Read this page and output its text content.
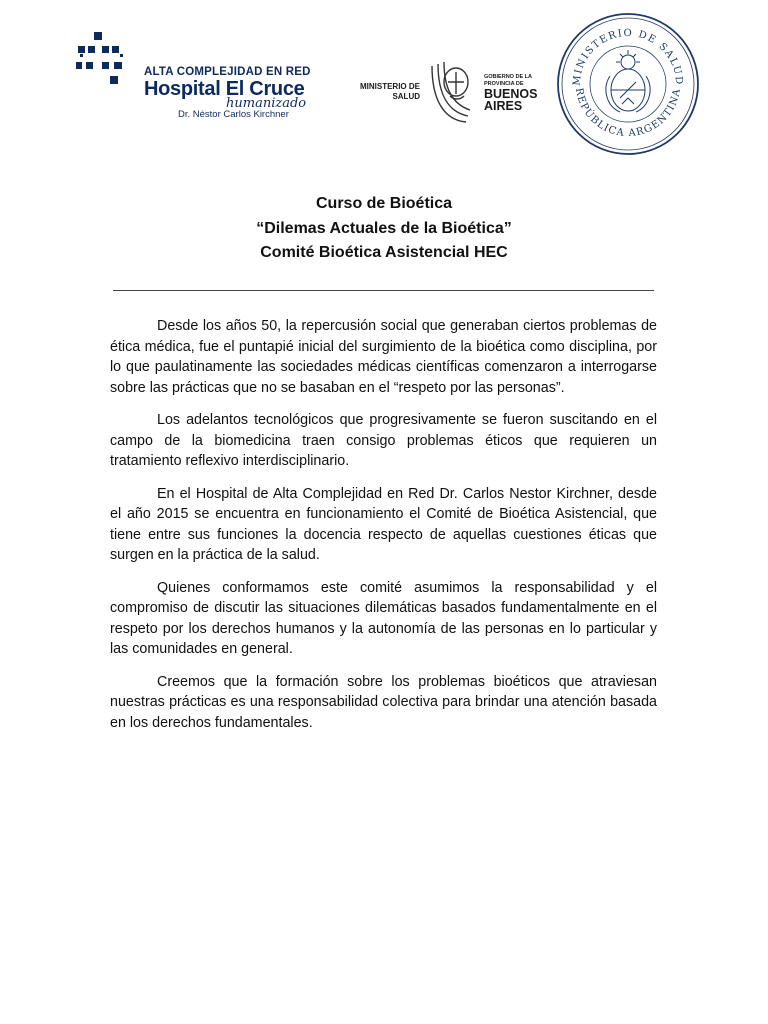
ALTA COMPLEJIDAD EN RED
Hospital El Cruce
humanizado
Dr. Néstor Carlos Kirchner
MINISTERIO DE
SALUD
GOBIERNO DE LA
PROVINCIA DE
BUENOS
AIRES
MINISTERIO DE SALUD
REPÚBLICA ARGENTINA
Curso de Bioética
“Dilemas Actuales de la Bioética”
Comité Bioética Asistencial HEC

Desde los años 50, la repercusión social que generaban ciertos problemas de ética médica, fue el puntapié inicial del surgimiento de la bioética como disciplina, por lo que paulatinamente las sociedades médicas científicas comenzaron a interrogarse sobre las prácticas que no se basaban en el “respeto por las personas”.

Los adelantos tecnológicos que progresivamente se fueron suscitando en el campo de la biomedicina traen consigo problemas éticos que requieren un tratamiento reflexivo interdisciplinario.

En el Hospital de Alta Complejidad en Red Dr. Carlos Nestor Kirchner, desde el año 2015 se encuentra en funcionamiento el Comité de Bioética Asistencial, que tiene entre sus funciones la docencia respecto de aquellas cuestiones éticas que surgen en la práctica de la salud.

Quienes conformamos este comité asumimos la responsabilidad y el compromiso de discutir las situaciones dilemáticas basados fundamentalmente en el respeto por los derechos humanos y la autonomía de las personas en lo particular y las comunidades en general.

Creemos que la formación sobre los problemas bioéticos que atraviesan nuestras prácticas es una responsabilidad colectiva para brindar una atención basada en los derechos fundamentales.
